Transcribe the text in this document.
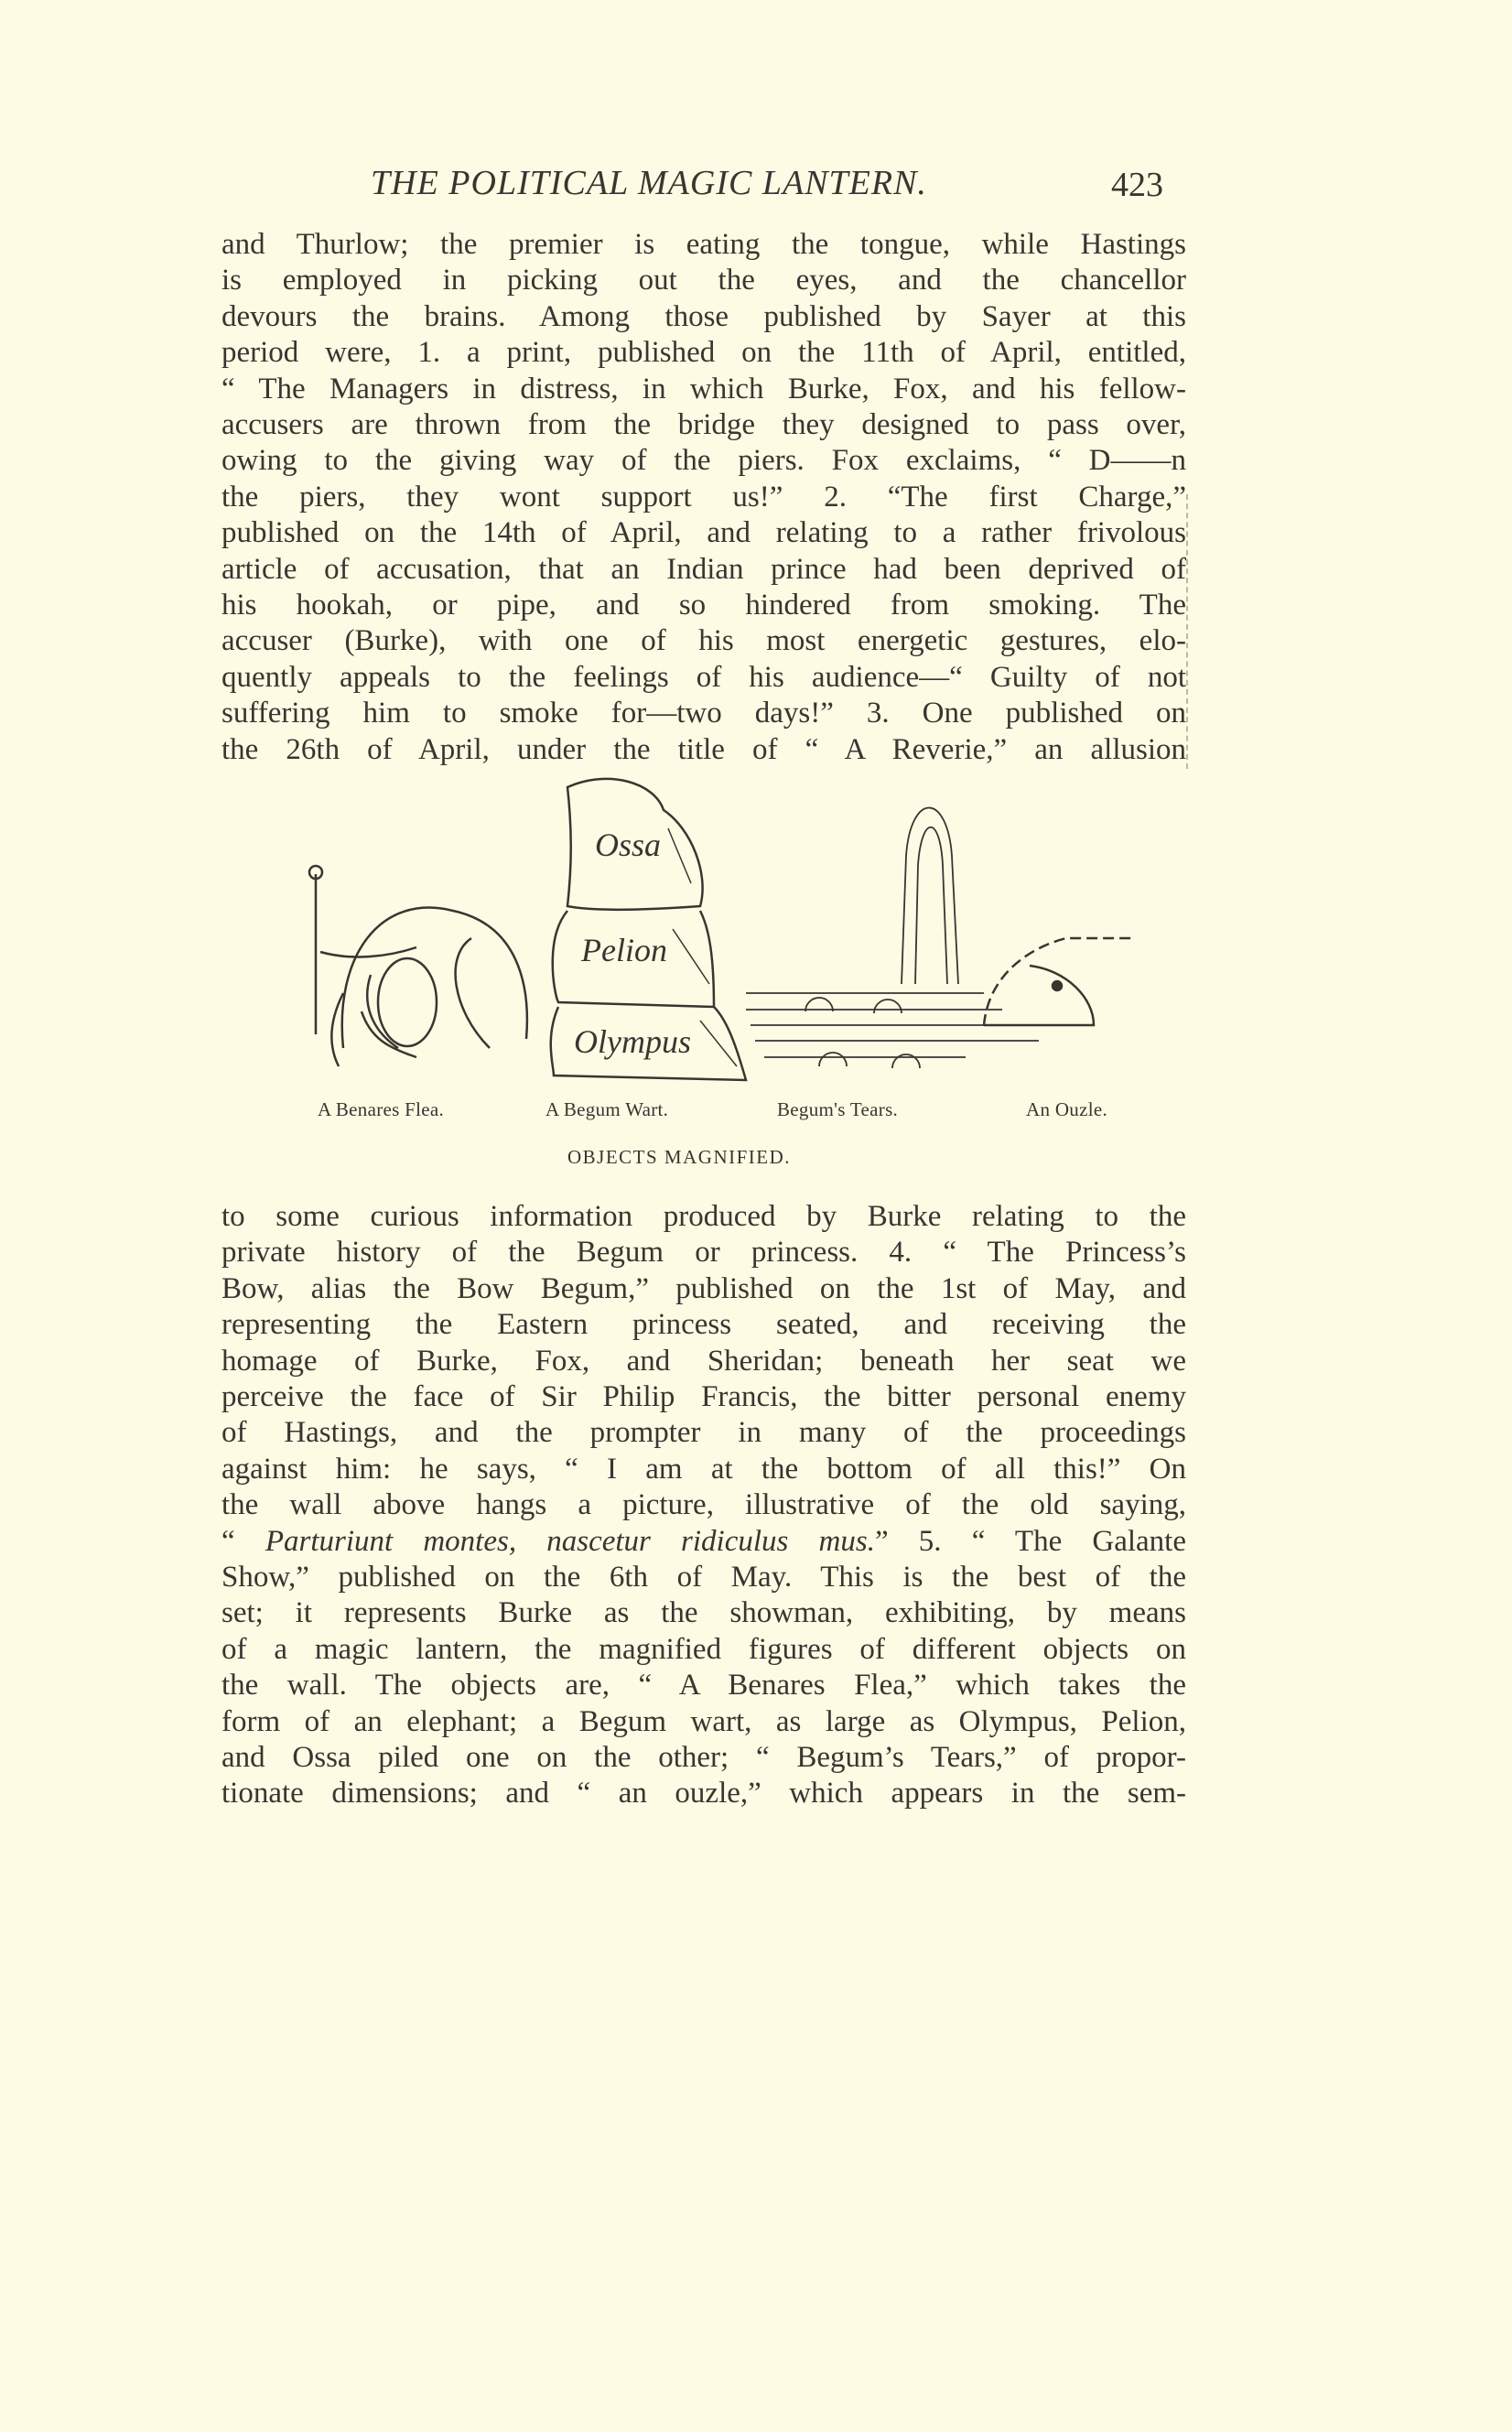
THE POLITICAL MAGIC LANTERN.	423
and Thurlow; the premier is eating the tongue, while Hastings
is employed in picking out the eyes, and the chancellor
devours the brains. Among those published by Sayer at this
period were, 1. a print, published on the 11th of April, entitled,
“ The Managers in distress, in which Burke, Fox, and his fellow-
accusers are thrown from the bridge they designed to pass over,
owing to the giving way of the piers. Fox exclaims, “ D——n
the piers, they wont support us!” 2. “The first Charge,”
published on the 14th of April, and relating to a rather frivolous
article of accusation, that an Indian prince had been deprived of
his hookah, or pipe, and so hindered from smoking. The
accuser (Burke), with one of his most energetic gestures, elo-
quently appeals to the feelings of his audience—“ Guilty of not
suffering him to smoke for—two days!” 3. One published on
the 26th of April, under the title of “ A Reverie,” an allusion
Ossa
Pelion
Olympus
A Benares Flea.	A Begum Wart.	Begum's Tears.	An Ouzle.
OBJECTS MAGNIFIED.
to some curious information produced by Burke relating to the
private history of the Begum or princess. 4. “ The Princess’s
Bow, alias the Bow Begum,” published on the 1st of May, and
representing the Eastern princess seated, and receiving the
homage of Burke, Fox, and Sheridan; beneath her seat we
perceive the face of Sir Philip Francis, the bitter personal enemy
of Hastings, and the prompter in many of the proceedings
against him: he says, “ I am at the bottom of all this!” On
the wall above hangs a picture, illustrative of the old saying,
“ Parturiunt montes, nascetur ridiculus mus.” 5. “ The Galante
Show,” published on the 6th of May. This is the best of the
set; it represents Burke as the showman, exhibiting, by means
of a magic lantern, the magnified figures of different objects on
the wall. The objects are, “ A Benares Flea,” which takes the
form of an elephant; a Begum wart, as large as Olympus, Pelion,
and Ossa piled one on the other; “ Begum’s Tears,” of propor-
tionate dimensions; and “ an ouzle,” which appears in the sem-
